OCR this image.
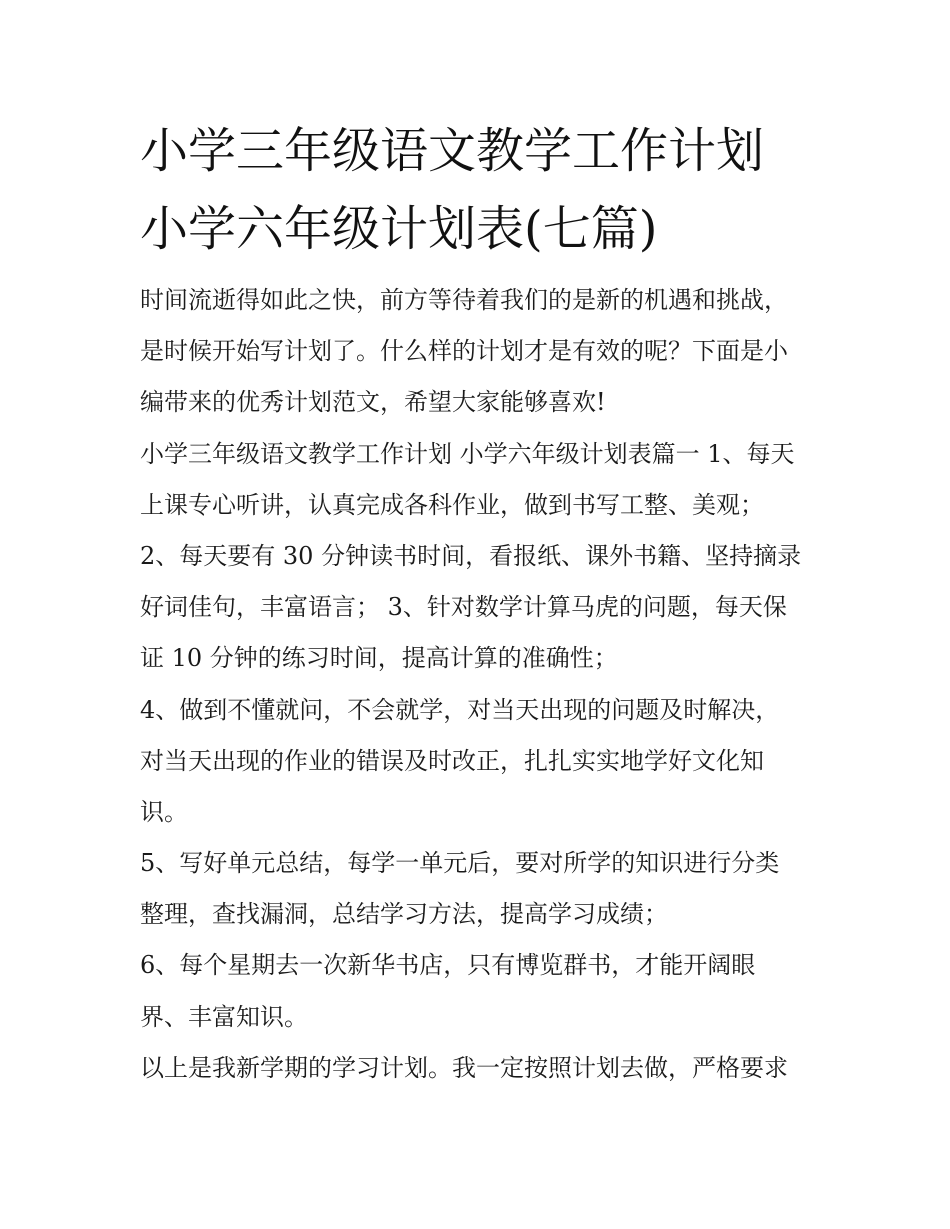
小学三年级语文教学工作计划
小学六年级计划表(七篇)
时间流逝得如此之快，前方等待着我们的是新的机遇和挑战，
是时候开始写计划了。什么样的计划才是有效的呢？下面是小
编带来的优秀计划范文，希望大家能够喜欢!
小学三年级语文教学工作计划 小学六年级计划表篇一 1、每天
上课专心听讲，认真完成各科作业，做到书写工整、美观；
2、每天要有 30 分钟读书时间，看报纸、课外书籍、坚持摘录
好词佳句，丰富语言； 3、针对数学计算马虎的问题，每天保
证 10 分钟的练习时间，提高计算的准确性；
4、做到不懂就问，不会就学，对当天出现的问题及时解决，
对当天出现的作业的错误及时改正，扎扎实实地学好文化知
识。
5、写好单元总结，每学一单元后，要对所学的知识进行分类
整理，查找漏洞，总结学习方法，提高学习成绩；
6、每个星期去一次新华书店，只有博览群书，才能开阔眼
界、丰富知识。
以上是我新学期的学习计划。我一定按照计划去做，严格要求
